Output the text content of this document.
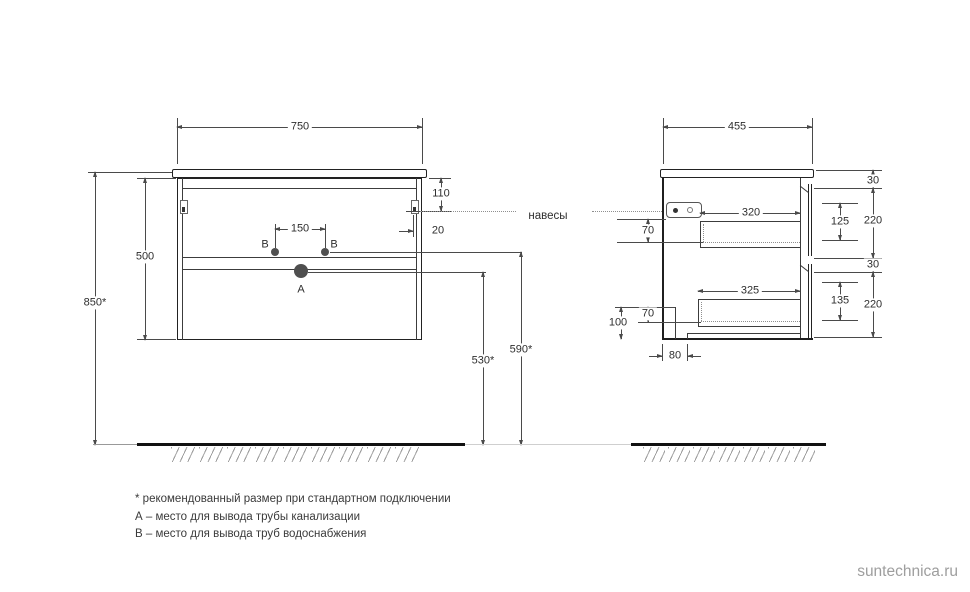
750
110
20
навесы
150
B	B
A
500
850*
590*
530*
455
320
325
70
100
70
80
30
220
30
220
125
135
* рекомендованный размер при стандартном подключении
А – место для вывода трубы канализации
В – место для вывода труб водоснабжения
suntechnica.ru
